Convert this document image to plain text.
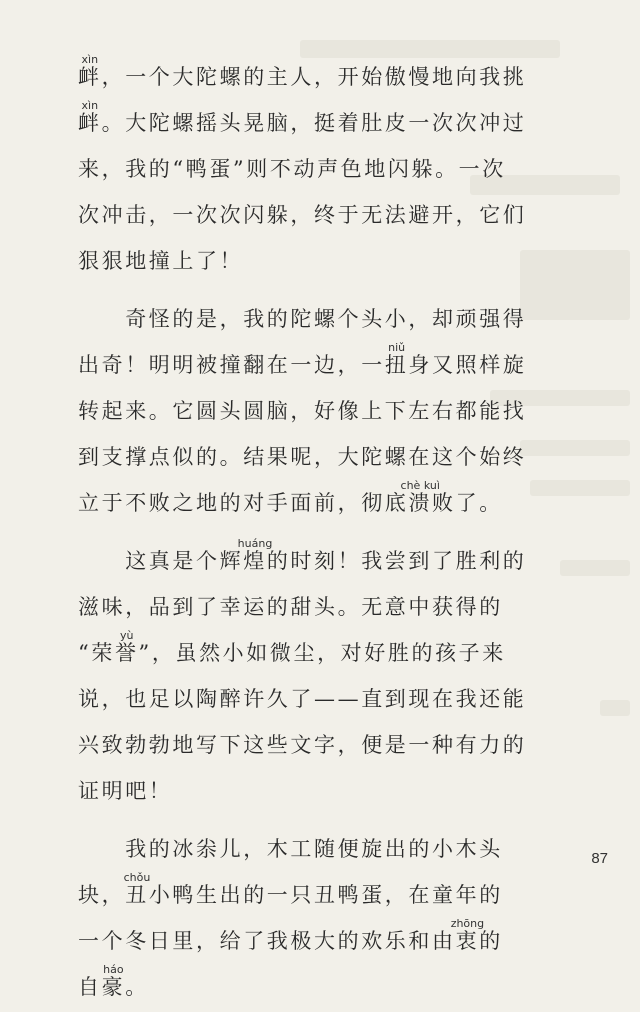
衅
xìn
，一个大陀螺的主人，开始傲慢地向我挑
衅
xìn
。大陀螺摇头晃脑，挺着肚皮一次次冲过
来，我的“鸭蛋”则不动声色地闪躲。一次
次冲击，一次次闪躲，终于无法避开，它们
狠狠地撞上了！
　　奇怪的是，我的陀螺个头小，却顽强得
出奇！明明被撞翻在一边，一 扭
niǔ
身又照样旋
转起来。它圆头圆脑，好像上下左右都能找
到支撑点似的。结果呢，大陀螺在这个始终
立于不败之地的对手面前，彻底 溃
chè kuì
败了。
　　这真是个辉 煌
huáng
的时刻！我尝到了胜利的
滋味，品到了幸运的甜头。无意中获得的
“荣 誉
yù
”，虽然小如微尘，对好胜的孩子来
说，也足以陶醉许久了——直到现在我还能
兴致勃勃地写下这些文字，便是一种有力的
证明吧！
　　我的冰尜儿，木工随便旋出的小木头
块， 丑
chǒu
小鸭生出的一只丑鸭蛋，在童年的
一个冬日里，给了我极大的欢乐和由 衷
zhōng
的
自 豪
háo
。
87
